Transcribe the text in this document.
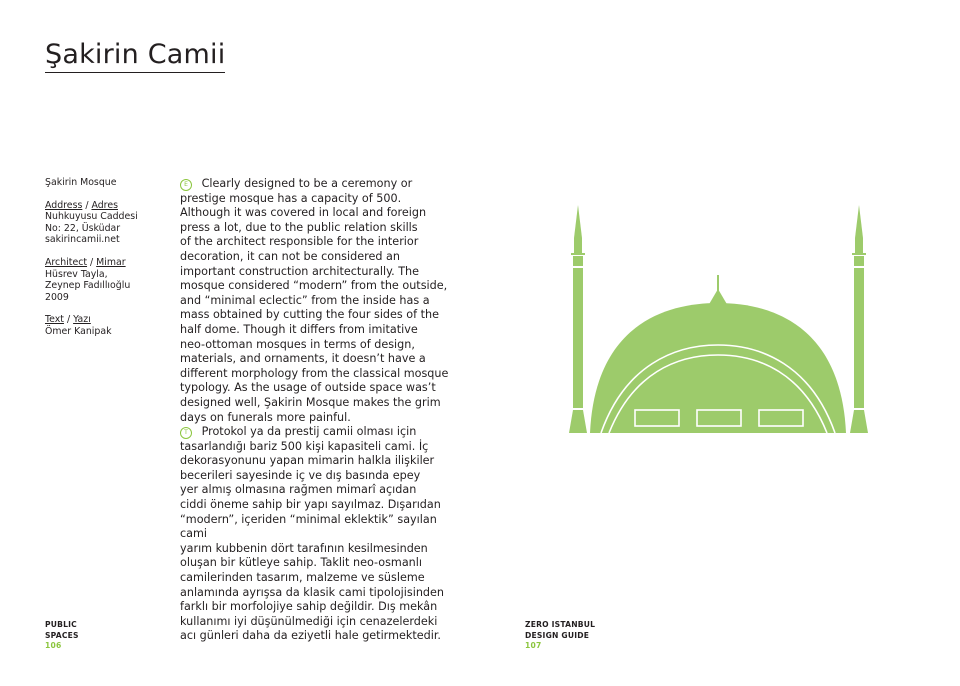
Şakirin Camii
Şakirin Mosque
Address / Adres
Nuhkuyusu Caddesi
No: 22, Üsküdar
sakirincamii.net
Architect / Mimar
Hüsrev Tayla,
Zeynep Fadıllıoğlu
2009
Text / Yazı
Ömer Kanipak

E Clearly designed to be a ceremony or
prestige mosque has a capacity of 500.
Although it was covered in local and foreign
press a lot, due to the public relation skills
of the architect responsible for the interior
decoration, it can not be considered an
important construction architecturally. The
mosque considered “modern” from the outside,
and “minimal eclectic” from the inside has a
mass obtained by cutting the four sides of the
half dome. Though it differs from imitative
neo-ottoman mosques in terms of design,
materials, and ornaments, it doesn’t have a
different morphology from the classical mosque
typology. As the usage of outside space was’t
designed well, Şakirin Mosque makes the grim
days on funerals more painful.

T Protokol ya da prestij camii olması için
tasarlandığı bariz 500 kişi kapasiteli cami. İç
dekorasyonunu yapan mimarin halkla ilişkiler
becerileri sayesinde iç ve dış basında epey
yer almış olmasına rağmen mimarî açıdan
ciddi öneme sahip bir yapı sayılmaz. Dışarıdan
“modern”, içeriden “minimal eklektik” sayılan cami
yarım kubbenin dört tarafının kesilmesinden
oluşan bir kütleye sahip. Taklit neo-osmanlı
camilerinden tasarım, malzeme ve süsleme
anlamında ayrışsa da klasik cami tipolojisinden
farklı bir morfolojiye sahip değildir. Dış mekân
kullanımı iyi düşünülmediği için cenazelerdeki
acı günleri daha da eziyetli hale getirmektedir.

PUBLIC
SPACES
106
ZERO ISTANBUL
DESIGN GUIDE
107
